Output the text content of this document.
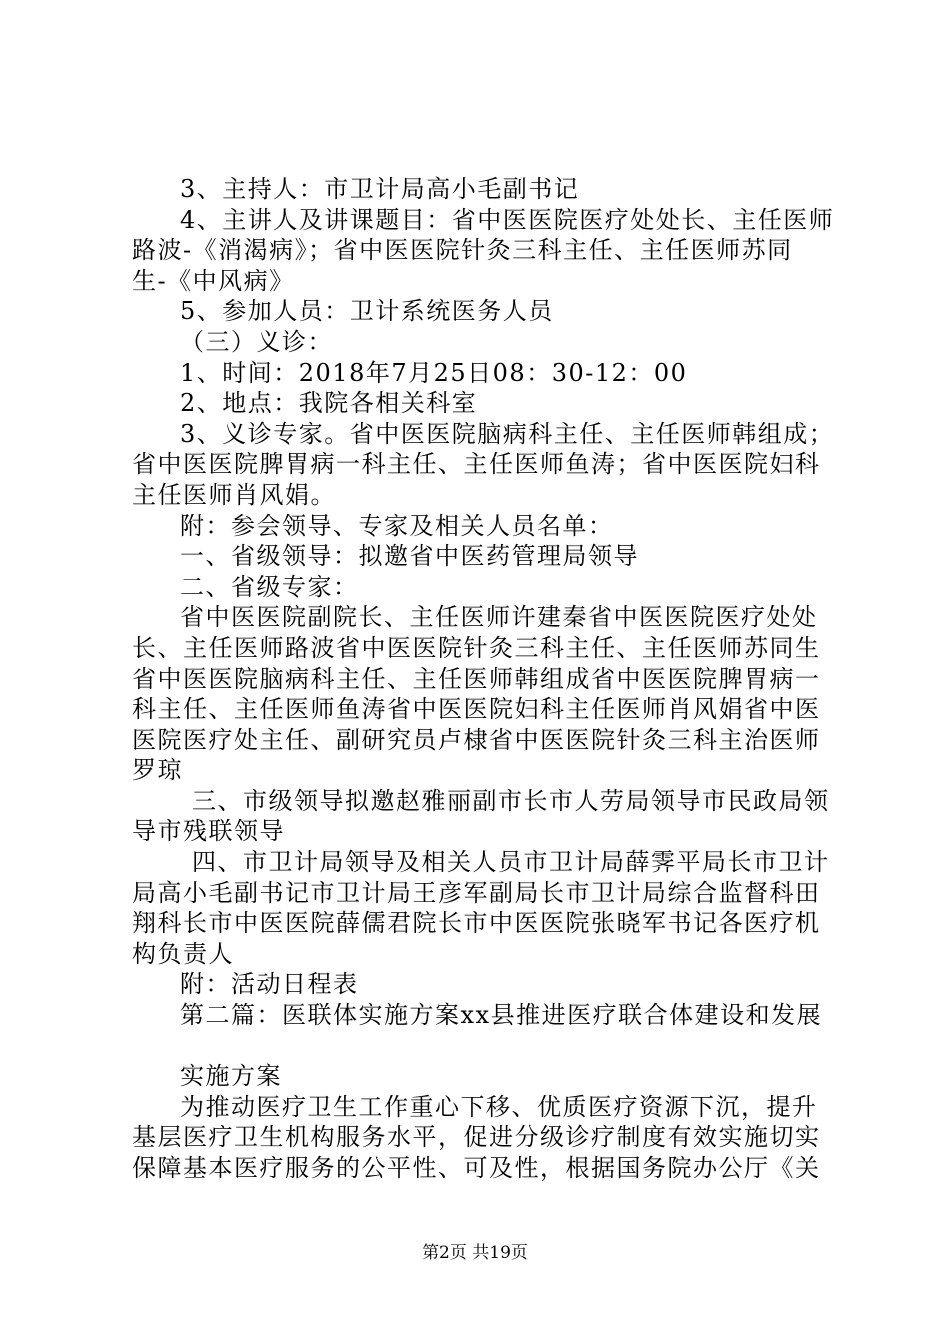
3、主持人：市卫计局高小毛副书记
4、主讲人及讲课题目：省中医医院医疗处处长、主任医师
路波-《消渴病》；省中医医院针灸三科主任、主任医师苏同
生-《中风病》
5、参加人员：卫计系统医务人员
（三）义诊：
1、时间：2018年7月25日08：30-12：00
2、地点：我院各相关科室
3、义诊专家。省中医医院脑病科主任、主任医师韩组成；
省中医医院脾胃病一科主任、主任医师鱼涛；省中医医院妇科
主任医师肖风娟。
附：参会领导、专家及相关人员名单：
一、省级领导：拟邀省中医药管理局领导
二、省级专家：
省中医医院副院长、主任医师许建秦省中医医院医疗处处
长、主任医师路波省中医医院针灸三科主任、主任医师苏同生
省中医医院脑病科主任、主任医师韩组成省中医医院脾胃病一
科主任、主任医师鱼涛省中医医院妇科主任医师肖风娟省中医
医院医疗处主任、副研究员卢棣省中医医院针灸三科主治医师
罗琼
三、市级领导拟邀赵雅丽副市长市人劳局领导市民政局领
导市残联领导
四、市卫计局领导及相关人员市卫计局薛霁平局长市卫计
局高小毛副书记市卫计局王彦军副局长市卫计局综合监督科田
翔科长市中医医院薛儒君院长市中医医院张晓军书记各医疗机
构负责人
附：活动日程表
第二篇：医联体实施方案xx县推进医疗联合体建设和发展
实施方案
为推动医疗卫生工作重心下移、优质医疗资源下沉，提升
基层医疗卫生机构服务水平，促进分级诊疗制度有效实施切实
保障基本医疗服务的公平性、可及性，根据国务院办公厅《关
第2页 共19页
